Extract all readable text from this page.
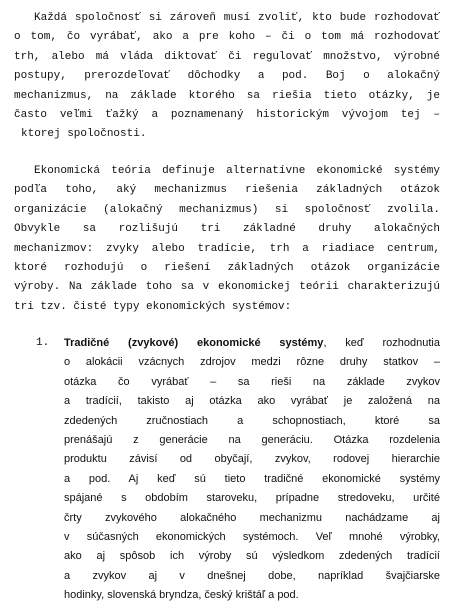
Každá spoločnosť si zároveň musí zvoliť, kto bude rozhodovať
o tom, čo vyrábať, ako a pre koho – či o tom má rozhodovať
trh, alebo má vláda diktovať či regulovať množstvo, výrobné
postupy, prerozdeľovať dôchodky a pod. Boj o alokačný
mechanizmus, na základe ktorého sa riešia tieto otázky, je
často veľmi ťažký a poznamenaný historickým vývojom tej –
ktorej spoločnosti.
Ekonomická teória definuje alternatívne ekonomické systémy
podľa toho, aký mechanizmus riešenia základných otázok
organizácie (alokačný mechanizmus) si spoločnosť zvolila.
Obvykle sa rozlišujú tri základné druhy alokačných
mechanizmov: zvyky alebo tradície, trh a riadiace centrum,
ktoré rozhodujú o riešení základných otázok organizácie
výroby. Na základe toho sa v ekonomickej teórii charakterizujú
tri tzv. čisté typy ekonomických systémov:
1. Tradičné (zvykové) ekonomické systémy, keď rozhodnutia
o alokácii vzácnych zdrojov medzi rôzne druhy statkov –
otázka čo vyrábať – sa rieši na základe zvykov
a tradícií, takisto aj otázka ako vyrábať je založená na
zdedených zručnostiach a schopnostiach, ktoré sa
prenášajú z generácie na generáciu. Otázka rozdelenia
produktu závisí od obyčají, zvykov, rodovej hierarchie
a pod. Aj keď sú tieto tradičné ekonomické systémy
spájané s obdobím staroveku, prípadne stredoveku, určité
črty zvykového alokačného mechanizmu nachádzame aj
v súčasných ekonomických systémoch. Veľ mnohé výrobky,
ako aj spôsob ich výroby sú výsledkom zdedených tradícií
a zvykov aj v dnešnej dobe, napríklad švajčiarske
hodinky, slovenská bryndza, český krištáľ a pod.
